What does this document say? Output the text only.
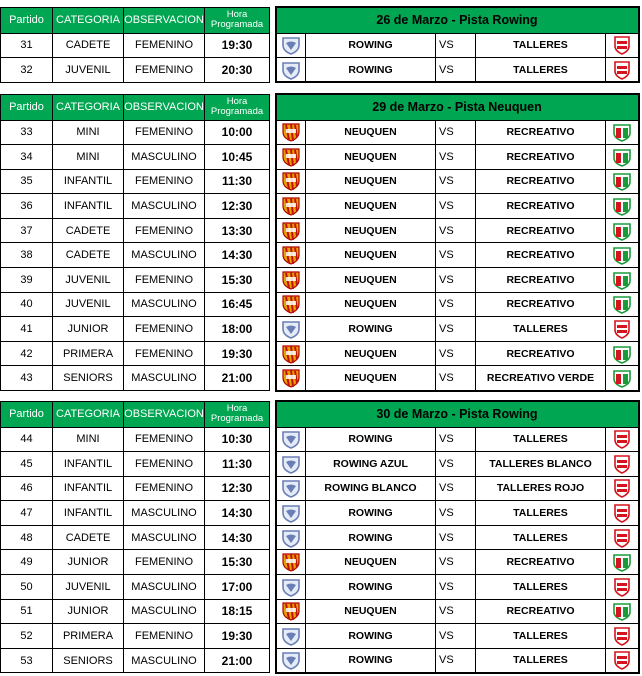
Partido	CATEGORIA	OBSERVACION	Hora Programada		26 de Marzo - Pista Rowing				
31	CADETE	FEMENINO	19:30			ROWING	VS	TALLERES	
32	JUVENIL	FEMENINO	20:30			ROWING	VS	TALLERES	
Partido	CATEGORIA	OBSERVACION	Hora Programada		29 de Marzo - Pista Neuquen				
33	MINI	FEMENINO	10:00			NEUQUEN	VS	RECREATIVO	
34	MINI	MASCULINO	10:45			NEUQUEN	VS	RECREATIVO	
35	INFANTIL	FEMENINO	11:30			NEUQUEN	VS	RECREATIVO	
36	INFANTIL	MASCULINO	12:30			NEUQUEN	VS	RECREATIVO	
37	CADETE	FEMENINO	13:30			NEUQUEN	VS	RECREATIVO	
38	CADETE	MASCULINO	14:30			NEUQUEN	VS	RECREATIVO	
39	JUVENIL	FEMENINO	15:30			NEUQUEN	VS	RECREATIVO	
40	JUVENIL	MASCULINO	16:45			NEUQUEN	VS	RECREATIVO	
41	JUNIOR	FEMENINO	18:00			ROWING	VS	TALLERES	
42	PRIMERA	FEMENINO	19:30			NEUQUEN	VS	RECREATIVO	
43	SENIORS	MASCULINO	21:00			NEUQUEN	VS	RECREATIVO VERDE	
Partido	CATEGORIA	OBSERVACION	Hora Programada		30 de Marzo - Pista Rowing				
44	MINI	FEMENINO	10:30			ROWING	VS	TALLERES	
45	INFANTIL	FEMENINO	11:30			ROWING AZUL	VS	TALLERES BLANCO	
46	INFANTIL	FEMENINO	12:30			ROWING BLANCO	VS	TALLERES ROJO	
47	INFANTIL	MASCULINO	14:30			ROWING	VS	TALLERES	
48	CADETE	MASCULINO	14:30			ROWING	VS	TALLERES	
49	JUNIOR	FEMENINO	15:30			NEUQUEN	VS	RECREATIVO	
50	JUVENIL	MASCULINO	17:00			ROWING	VS	TALLERES	
51	JUNIOR	MASCULINO	18:15			NEUQUEN	VS	RECREATIVO	
52	PRIMERA	FEMENINO	19:30			ROWING	VS	TALLERES	
53	SENIORS	MASCULINO	21:00			ROWING	VS	TALLERES	
